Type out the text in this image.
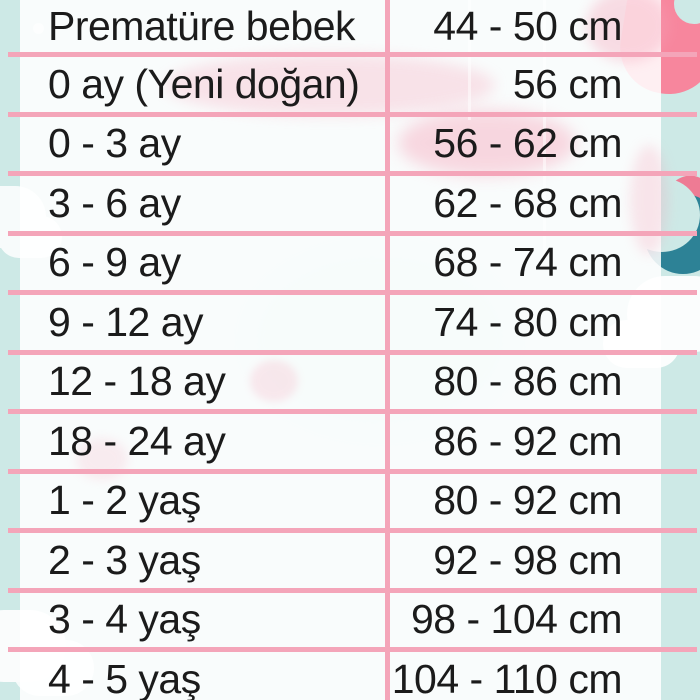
Prematüre bebek 44 - 50 cm
0 ay (Yeni doğan)	56 cm
0 - 3 ay	56 - 62 cm
3 - 6 ay	62 - 68 cm
6 - 9 ay	68 - 74 cm
9 - 12 ay	74 - 80 cm
12 - 18 ay	80 - 86 cm
18 - 24 ay	86 - 92 cm
1 - 2 yaş	80 - 92 cm
2 - 3 yaş	92 - 98 cm
3 - 4 yaş	98 - 104 cm
4 - 5 yaş	104 - 110 cm
